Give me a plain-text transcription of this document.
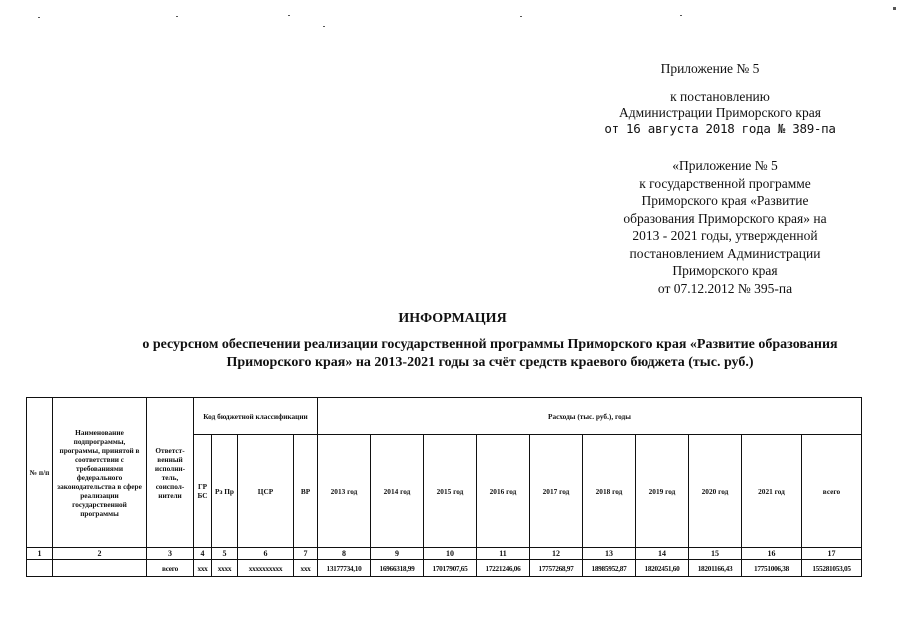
Приложение № 5
к постановлению
Администрации Приморского края
от 16 августа 2018 года № 389-па
«Приложение № 5
к государственной программе
Приморского края «Развитие
образования Приморского края» на
2013 - 2021 годы, утвержденной
постановлением Администрации
Приморского края
от 07.12.2012 № 395-па
ИНФОРМАЦИЯ
о ресурсном обеспечении реализации государственной программы Приморского края «Развитие образования
Приморского края» на 2013-2021 годы за счёт средств краевого бюджета (тыс. руб.)
№ п/п	Наименование подпрограммы, программы, принятой в соответствии с требованиями федерального законодательства в сфере реализации государственной программы	Ответст-венный исполни-тель, соиспол-нители	Код бюджетной классификации				Расходы (тыс. руб.), годы									
			ГР БС	Рз Пр	ЦСР	ВР	2013 год	2014 год	2015 год	2016 год	2017 год	2018 год	2019 год	2020 год	2021 год	всего
1	2	3	4	5	6	7	8	9	10	11	12	13	14	15	16	17
		всего	ххх	хххх	хххххххххх	ххх	13177734,10	16966318,99	17017907,65	17221246,06	17757268,97	18985952,87	18202451,60	18201166,43	17751006,38	155281053,05
